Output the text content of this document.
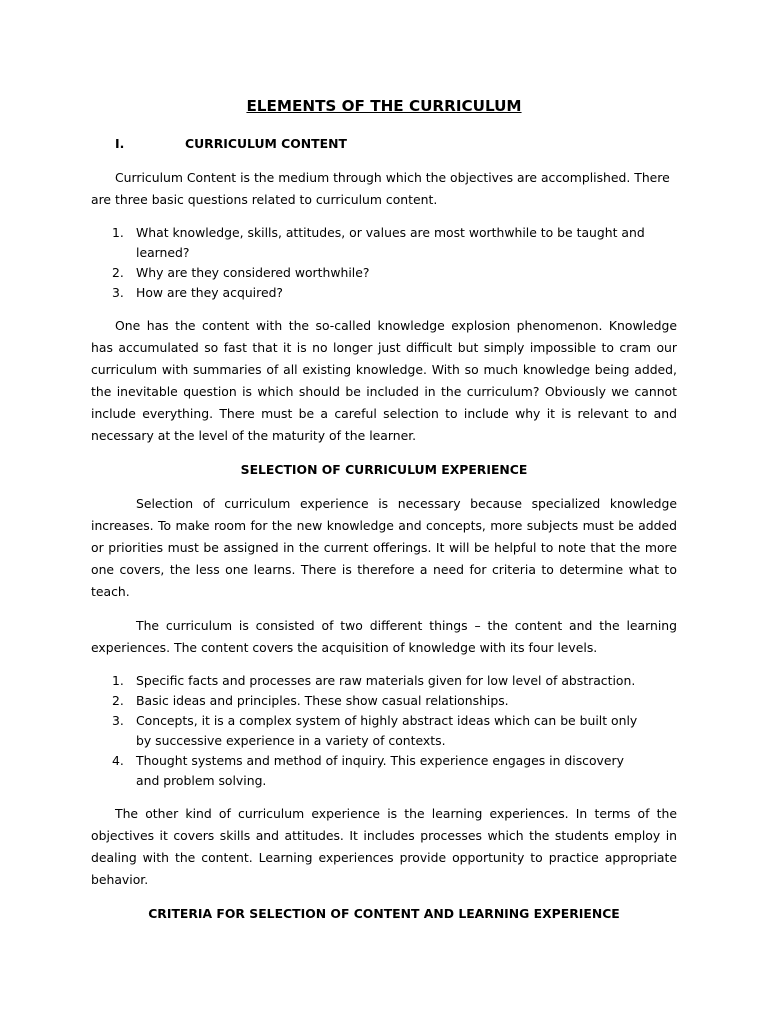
ELEMENTS OF THE CURRICULUM
I.	CURRICULUM CONTENT

Curriculum Content is the medium through which the objectives are accomplished. There are three basic questions related to curriculum content.

1. What knowledge, skills, attitudes, or values are most worthwhile to be taught and learned?
2. Why are they considered worthwhile?
3. How are they acquired?

One has the content with the so-called knowledge explosion phenomenon. Knowledge has accumulated so fast that it is no longer just difficult but simply impossible to cram our curriculum with summaries of all existing knowledge. With so much knowledge being added, the inevitable question is which should be included in the curriculum? Obviously we cannot include everything. There must be a careful selection to include why it is relevant to and necessary at the level of the maturity of the learner.

SELECTION OF CURRICULUM EXPERIENCE

Selection of curriculum experience is necessary because specialized knowledge increases. To make room for the new knowledge and concepts, more subjects must be added or priorities must be assigned in the current offerings. It will be helpful to note that the more one covers, the less one learns. There is therefore a need for criteria to determine what to teach.

The curriculum is consisted of two different things – the content and the learning experiences. The content covers the acquisition of knowledge with its four levels.

1. Specific facts and processes are raw materials given for low level of abstraction.
2. Basic ideas and principles. These show casual relationships.
3. Concepts, it is a complex system of highly abstract ideas which can be built only by successive experience in a variety of contexts.
4. Thought systems and method of inquiry. This experience engages in discovery and problem solving.

The other kind of curriculum experience is the learning experiences. In terms of the objectives it covers skills and attitudes. It includes processes which the students employ in dealing with the content. Learning experiences provide opportunity to practice appropriate behavior.

CRITERIA FOR SELECTION OF CONTENT AND LEARNING EXPERIENCE
